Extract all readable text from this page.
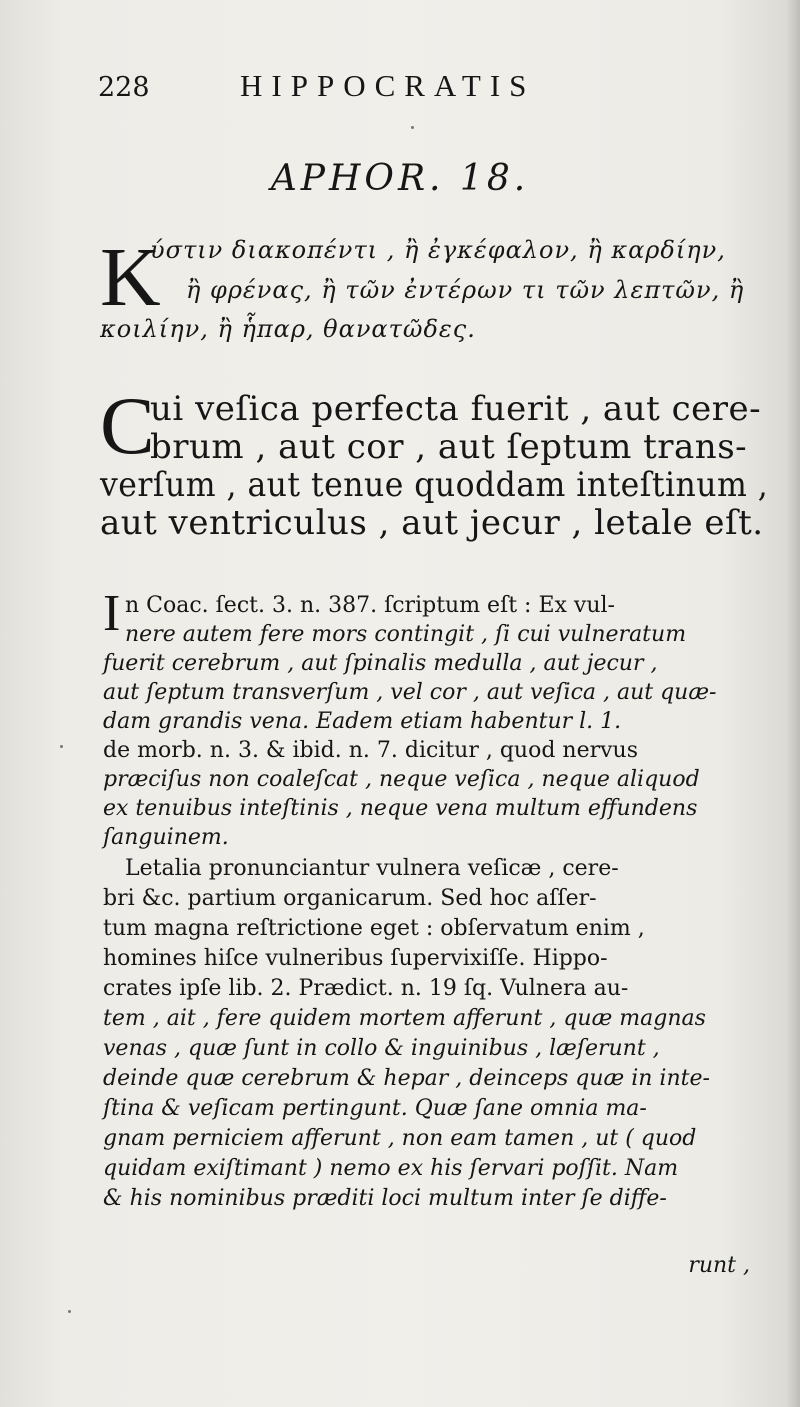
228	HIPPOCRATIS
APHOR. 18.
K
ύστιν διακοπέντι , ἢ ἐγκέφαλον, ἢ καρδίην,
ἢ φρένας, ἢ τῶν ἐντέρων τι τῶν λεπτῶν, ἢ
κοιλίην, ἢ ἧπαρ, θανατῶδες.
C
ui veſica perfecta fuerit , aut cere-
brum , aut cor , aut ſeptum trans-
verſum , aut tenue quoddam inteſtinum ,
aut ventriculus , aut jecur , letale eſt.
I n Coac. ſect. 3. n. 387. ſcriptum eſt : Ex vul-
nere autem fere mors contingit , ſi cui vulneratum
fuerit cerebrum , aut ſpinalis medulla , aut jecur ,
aut ſeptum transverſum , vel cor , aut veſica , aut quæ-
dam grandis vena. Eadem etiam habentur l. 1.
de morb. n. 3. & ibid. n. 7. dicitur , quod nervus
præciſus non coaleſcat , neque veſica , neque aliquod
ex tenuibus inteſtinis , neque vena multum effundens
ſanguinem.
Letalia pronunciantur vulnera veſicæ , cere-
bri &c. partium organicarum. Sed hoc aſſer-
tum magna reſtrictione eget : obſervatum enim ,
homines hiſce vulneribus ſupervixiſſe. Hippo-
crates ipſe lib. 2. Prædict. n. 19 ſq. Vulnera au-
tem , ait , fere quidem mortem afferunt , quæ magnas
venas , quæ ſunt in collo & inguinibus , læſerunt ,
deinde quæ cerebrum & hepar , deinceps quæ in inte-
ſtina & veſicam pertingunt. Quæ ſane omnia ma-
gnam perniciem afferunt , non eam tamen , ut ( quod
quidam exiſtimant ) nemo ex his ſervari poſſit. Nam
& his nominibus præditi loci multum inter ſe diffe-
runt ,
